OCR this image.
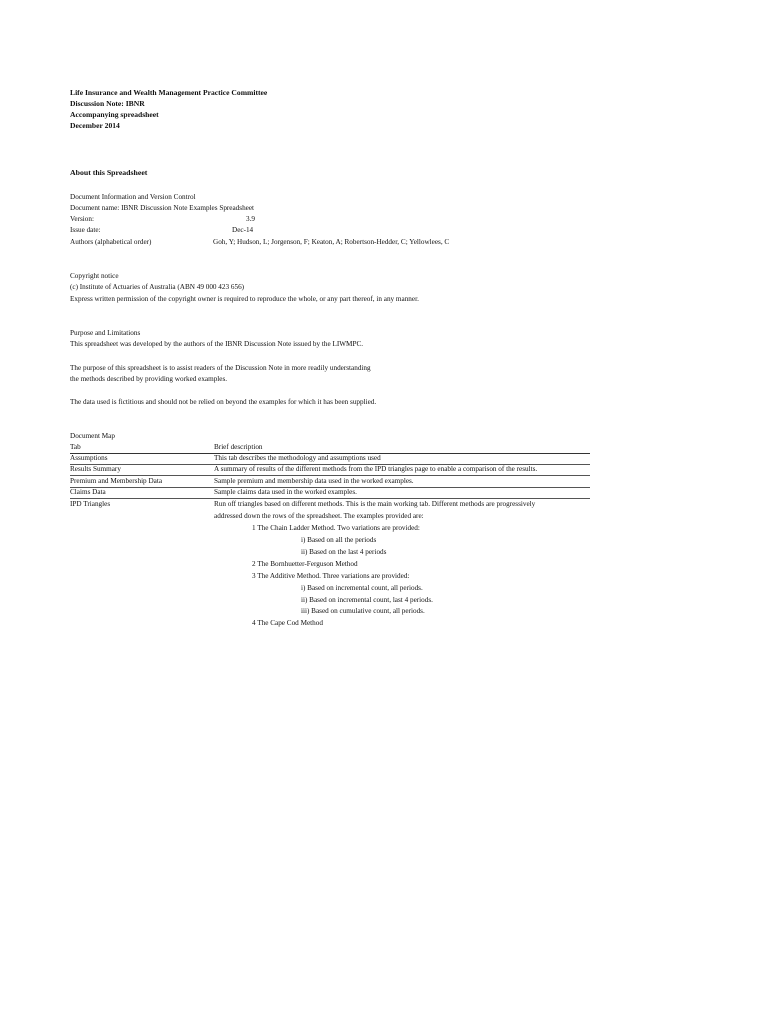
Life Insurance and Wealth Management Practice Committee
Discussion Note: IBNR
Accompanying spreadsheet
December 2014
About this Spreadsheet
Document Information and Version Control
Document name: IBNR Discussion Note Examples Spreadsheet
Version:	3.9
Issue date:	Dec-14
Authors (alphabetical order)	Goh, Y; Hudson, L; Jorgenson, F; Keaton, A; Robertson-Hedder, C; Yellowlees, C
Copyright notice
(c) Institute of Actuaries of Australia (ABN 49 000 423 656)
Express written permission of the copyright owner is required to reproduce the whole, or any part thereof, in any manner.
Purpose and Limitations
This spreadsheet was developed by the authors of the IBNR Discussion Note issued by the LIWMPC.
The purpose of this spreadsheet is to assist readers of the Discussion Note in more readily understanding
the methods described by providing worked examples.
The data used is fictitious and should not be relied on beyond the examples for which it has been supplied.
Document Map
Tab	Brief description
Assumptions	This tab describes the methodology and assumptions used
Results Summary	A summary of results of the different methods from the IPD triangles page to enable a comparison of the results.
Premium and Membership Data	Sample premium and membership data used in the worked examples.
Claims Data	Sample claims data used in the worked examples.
IPD Triangles	Run off triangles based on different methods. This is the main working tab. Different methods are progressively
addressed down the rows of the spreadsheet. The examples provided are:
1 The Chain Ladder Method. Two variations are provided:
i) Based on all the periods
ii) Based on the last 4 periods
2 The Bornhuetter-Ferguson Method
3 The Additive Method. Three variations are provided:
i) Based on incremental count, all periods.
ii) Based on incremental count, last 4 periods.
iii) Based on cumulative count, all periods.
4 The Cape Cod Method
